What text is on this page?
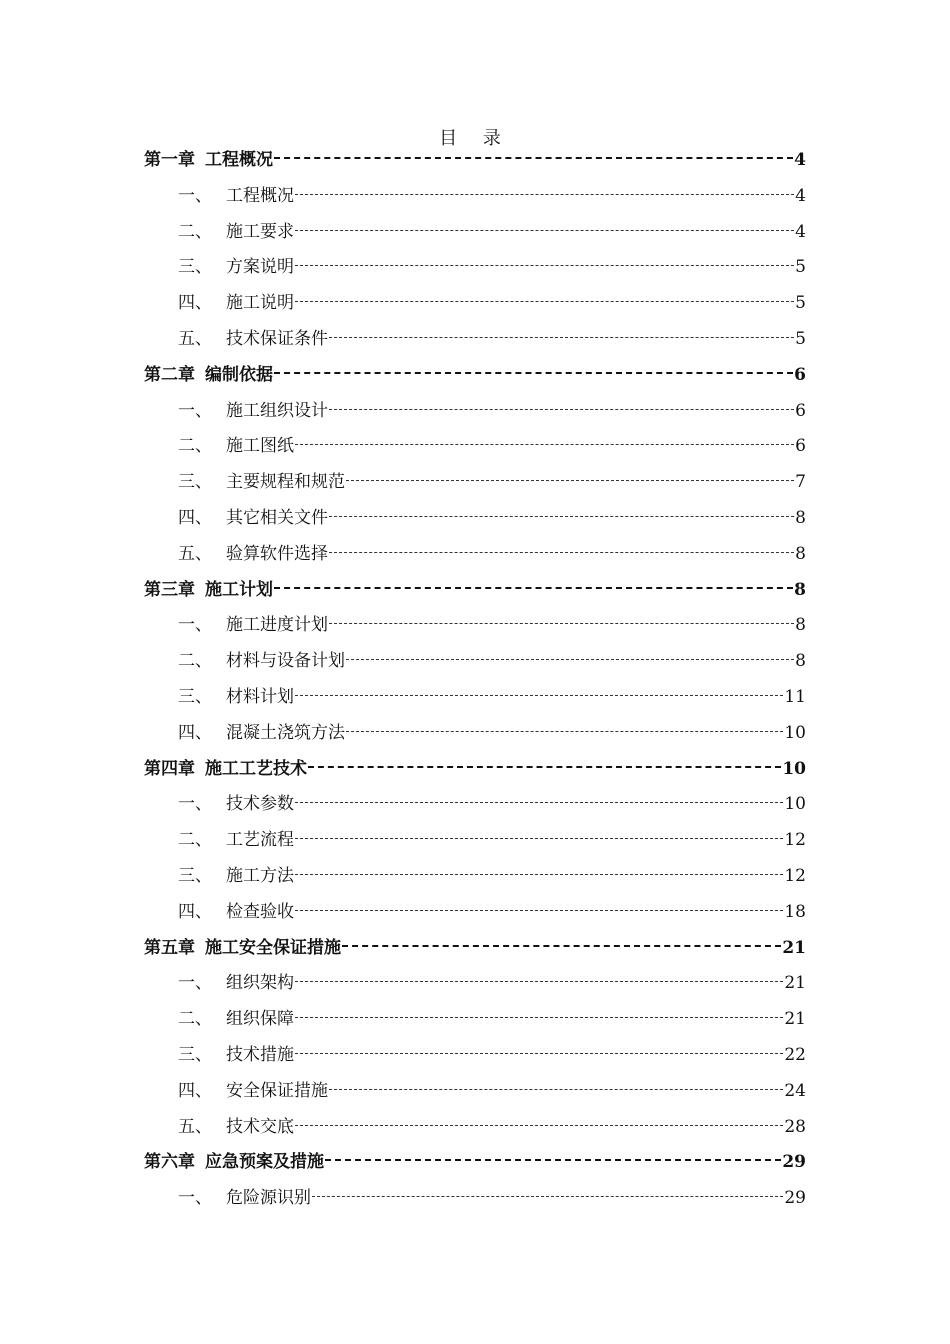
目 录
第一章 工程概况	4
一、 工程概况	4
二、 施工要求	4
三、 方案说明	5
四、 施工说明	5
五、 技术保证条件	5
第二章 编制依据	6
一、 施工组织设计	6
二、 施工图纸	6
三、 主要规程和规范	7
四、 其它相关文件	8
五、 验算软件选择	8
第三章 施工计划	8
一、 施工进度计划	8
二、 材料与设备计划	8
三、 材料计划	11
四、 混凝土浇筑方法	10
第四章 施工工艺技术	10
一、 技术参数	10
二、 工艺流程	12
三、 施工方法	12
四、 检查验收	18
第五章 施工安全保证措施	21
一、 组织架构	21
二、 组织保障	21
三、 技术措施	22
四、 安全保证措施	24
五、 技术交底	28
第六章 应急预案及措施	29
一、 危险源识别	29
